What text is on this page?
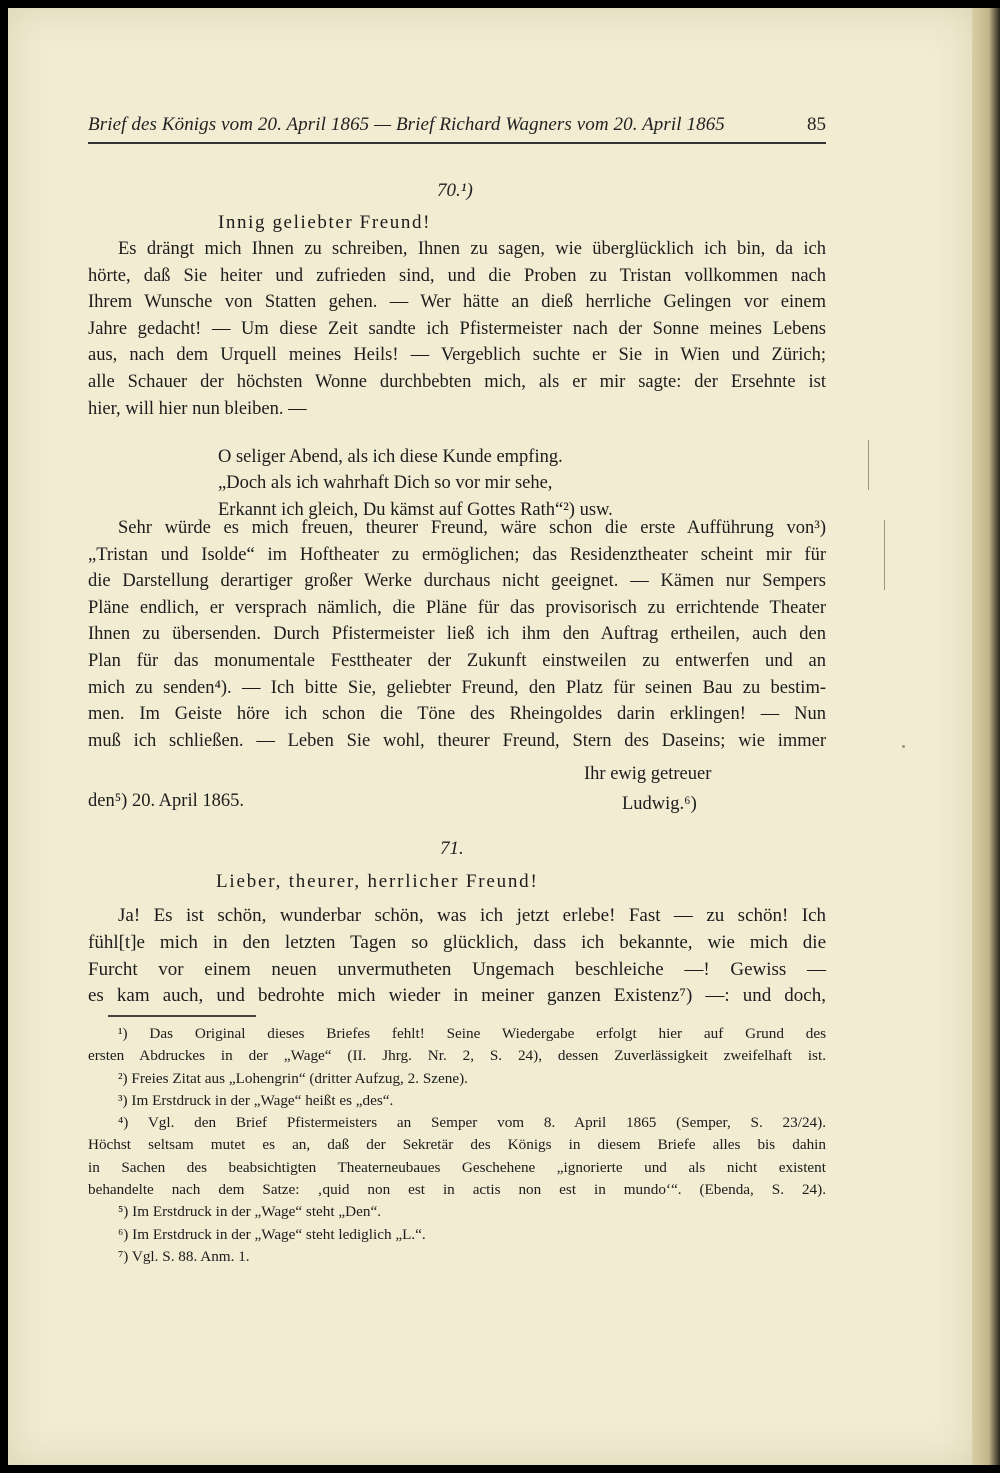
Brief des Königs vom 20. April 1865 — Brief Richard Wagners vom 20. April 1865	85
70.¹)
Innig geliebter Freund!
Es drängt mich Ihnen zu schreiben, Ihnen zu sagen, wie überglücklich ich bin, da ich
hörte, daß Sie heiter und zufrieden sind, und die Proben zu Tristan vollkommen nach
Ihrem Wunsche von Statten gehen. — Wer hätte an dieß herrliche Gelingen vor einem
Jahre gedacht! — Um diese Zeit sandte ich Pfistermeister nach der Sonne meines Lebens
aus, nach dem Urquell meines Heils! — Vergeblich suchte er Sie in Wien und Zürich;
alle Schauer der höchsten Wonne durchbebten mich, als er mir sagte: der Ersehnte ist
hier, will hier nun bleiben. —
O seliger Abend, als ich diese Kunde empfing.
„Doch als ich wahrhaft Dich so vor mir sehe,
Erkannt ich gleich, Du kämst auf Gottes Rath“²) usw.
Sehr würde es mich freuen, theurer Freund, wäre schon die erste Aufführung von³)
„Tristan und Isolde“ im Hoftheater zu ermöglichen; das Residenztheater scheint mir für
die Darstellung derartiger großer Werke durchaus nicht geeignet. — Kämen nur Sempers
Pläne endlich, er versprach nämlich, die Pläne für das provisorisch zu errichtende Theater
Ihnen zu übersenden. Durch Pfistermeister ließ ich ihm den Auftrag ertheilen, auch den
Plan für das monumentale Festtheater der Zukunft einstweilen zu entwerfen und an
mich zu senden⁴). — Ich bitte Sie, geliebter Freund, den Platz für seinen Bau zu bestim-
men. Im Geiste höre ich schon die Töne des Rheingoldes darin erklingen! — Nun
muß ich schließen. — Leben Sie wohl, theurer Freund, Stern des Daseins; wie immer
Ihr ewig getreuer
den⁵) 20. April 1865.	Ludwig.⁶)
71.
Lieber, theurer, herrlicher Freund!
Ja! Es ist schön, wunderbar schön, was ich jetzt erlebe! Fast — zu schön! Ich
fühl[t]e mich in den letzten Tagen so glücklich, dass ich bekannte, wie mich die
Furcht vor einem neuen unvermutheten Ungemach beschleiche —! Gewiss —
es kam auch, und bedrohte mich wieder in meiner ganzen Existenz⁷) —: und doch,
¹) Das Original dieses Briefes fehlt! Seine Wiedergabe erfolgt hier auf Grund des
ersten Abdruckes in der „Wage“ (II. Jhrg. Nr. 2, S. 24), dessen Zuverlässigkeit zweifelhaft ist.
²) Freies Zitat aus „Lohengrin“ (dritter Aufzug, 2. Szene).
³) Im Erstdruck in der „Wage“ heißt es „des“.
⁴) Vgl. den Brief Pfistermeisters an Semper vom 8. April 1865 (Semper, S. 23/24).
Höchst seltsam mutet es an, daß der Sekretär des Königs in diesem Briefe alles bis dahin
in Sachen des beabsichtigten Theaterneubaues Geschehene „ignorierte und als nicht existent
behandelte nach dem Satze: ‚quid non est in actis non est in mundo‘“. (Ebenda, S. 24).
⁵) Im Erstdruck in der „Wage“ steht „Den“.
⁶) Im Erstdruck in der „Wage“ steht lediglich „L.“.
⁷) Vgl. S. 88. Anm. 1.
